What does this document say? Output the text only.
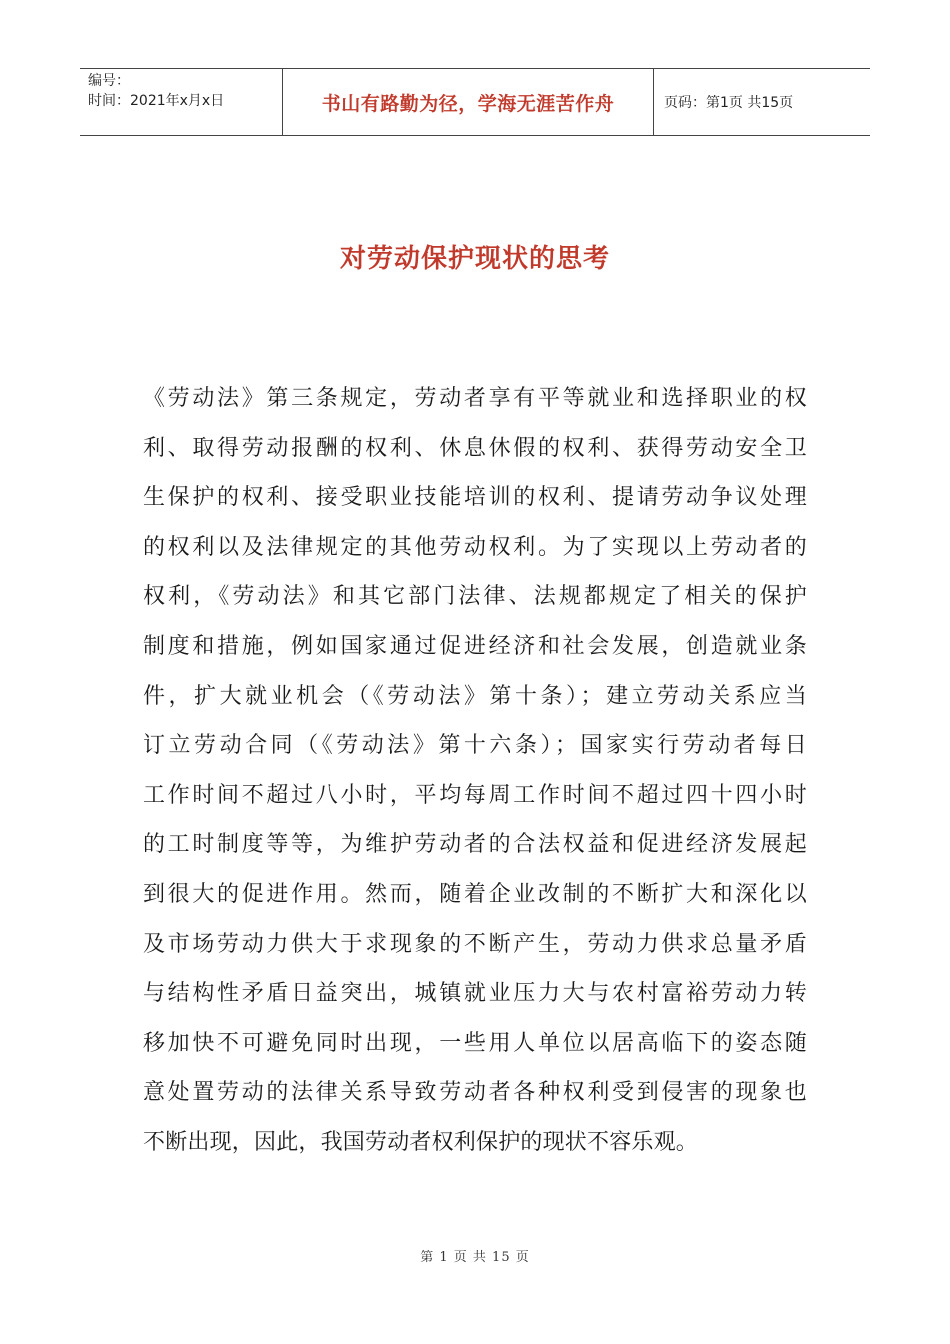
编号：
时间：2021年x月x日	书山有路勤为径，学海无涯苦作舟	页码：第1页 共15页
对劳动保护现状的思考
《劳动法》第三条规定，劳动者享有平等就业和选择职业的权
利、取得劳动报酬的权利、休息休假的权利、获得劳动安全卫
生保护的权利、接受职业技能培训的权利、提请劳动争议处理
的权利以及法律规定的其他劳动权利。为了实现以上劳动者的
权利，《劳动法》和其它部门法律、法规都规定了相关的保护
制度和措施，例如国家通过促进经济和社会发展，创造就业条
件，扩大就业机会（《劳动法》第十条）；建立劳动关系应当
订立劳动合同（《劳动法》第十六条）；国家实行劳动者每日
工作时间不超过八小时，平均每周工作时间不超过四十四小时
的工时制度等等，为维护劳动者的合法权益和促进经济发展起
到很大的促进作用。然而，随着企业改制的不断扩大和深化以
及市场劳动力供大于求现象的不断产生，劳动力供求总量矛盾
与结构性矛盾日益突出，城镇就业压力大与农村富裕劳动力转
移加快不可避免同时出现，一些用人单位以居高临下的姿态随
意处置劳动的法律关系导致劳动者各种权利受到侵害的现象也
不断出现，因此，我国劳动者权利保护的现状不容乐观。
第 1 页 共 15 页
